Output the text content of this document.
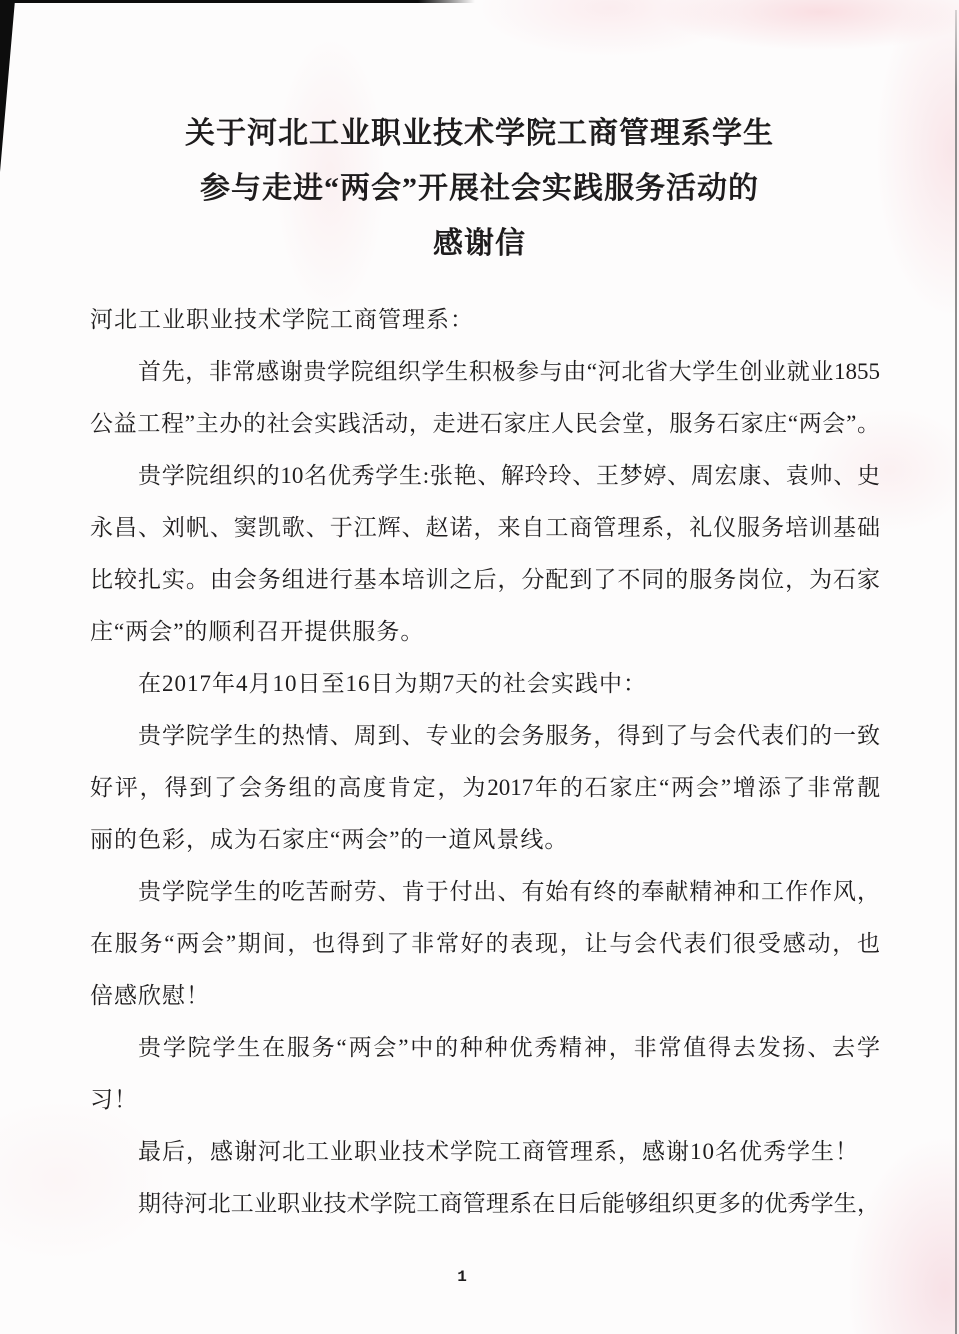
关于河北工业职业技术学院工商管理系学生
参与走进“两会”开展社会实践服务活动的
感谢信
河北工业职业技术学院工商管理系：
首先，非常感谢贵学院组织学生积极参与由“河北省大学生创业就业1855
公益工程”主办的社会实践活动，走进石家庄人民会堂，服务石家庄“两会”。
贵学院组织的10名优秀学生:张艳、解玲玲、王梦婷、周宏康、袁帅、史
永昌、刘帆、窦凯歌、于江辉、赵诺，来自工商管理系，礼仪服务培训基础
比较扎实。由会务组进行基本培训之后，分配到了不同的服务岗位，为石家
庄“两会”的顺利召开提供服务。
在2017年4月10日至16日为期7天的社会实践中：
贵学院学生的热情、周到、专业的会务服务，得到了与会代表们的一致
好评，得到了会务组的高度肯定，为2017年的石家庄“两会”增添了非常靓
丽的色彩，成为石家庄“两会”的一道风景线。
贵学院学生的吃苦耐劳、肯于付出、有始有终的奉献精神和工作作风，
在服务“两会”期间，也得到了非常好的表现，让与会代表们很受感动，也
倍感欣慰！
贵学院学生在服务“两会”中的种种优秀精神，非常值得去发扬、去学
习！
最后，感谢河北工业职业技术学院工商管理系，感谢10名优秀学生！
期待河北工业职业技术学院工商管理系在日后能够组织更多的优秀学生，
1
